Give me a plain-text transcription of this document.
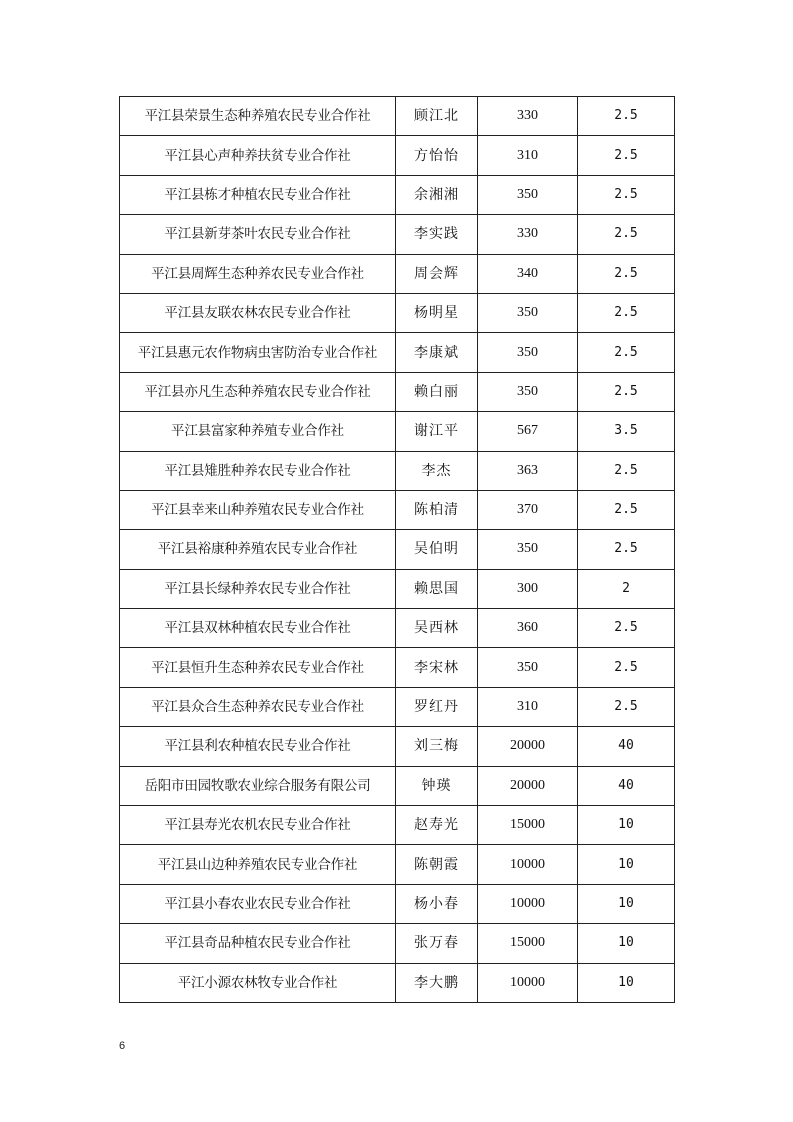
平江县荣景生态种养殖农民专业合作社	顾江北	330	2.5
平江县心声种养扶贫专业合作社	方怡怡	310	2.5
平江县栋才种植农民专业合作社	余湘湘	350	2.5
平江县新芽茶叶农民专业合作社	李实践	330	2.5
平江县周辉生态种养农民专业合作社	周会辉	340	2.5
平江县友联农林农民专业合作社	杨明星	350	2.5
平江县惠元农作物病虫害防治专业合作社	李康斌	350	2.5
平江县亦凡生态种养殖农民专业合作社	赖白丽	350	2.5
平江县富家种养殖专业合作社	谢江平	567	3.5
平江县雉胜种养农民专业合作社	李杰	363	2.5
平江县幸来山种养殖农民专业合作社	陈柏清	370	2.5
平江县裕康种养殖农民专业合作社	吴伯明	350	2.5
平江县长绿种养农民专业合作社	赖思国	300	2
平江县双林种植农民专业合作社	吴西林	360	2.5
平江县恒升生态种养农民专业合作社	李宋林	350	2.5
平江县众合生态种养农民专业合作社	罗红丹	310	2.5
平江县利农种植农民专业合作社	刘三梅	20000	40
岳阳市田园牧歌农业综合服务有限公司	钟瑛	20000	40
平江县寿光农机农民专业合作社	赵寿光	15000	10
平江县山边种养殖农民专业合作社	陈朝霞	10000	10
平江县小春农业农民专业合作社	杨小春	10000	10
平江县奇品种植农民专业合作社	张万春	15000	10
平江小源农林牧专业合作社	李大鹏	10000	10
6
